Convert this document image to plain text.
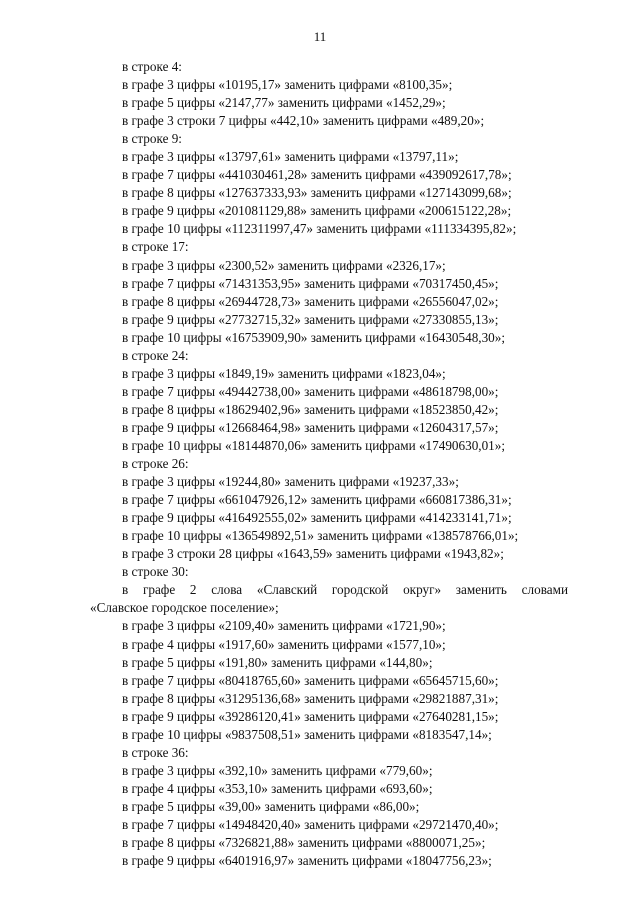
11
в строке 4:
в графе 3 цифры «10195,17» заменить цифрами «8100,35»;
в графе 5 цифры «2147,77» заменить цифрами «1452,29»;
в графе 3 строки 7 цифры «442,10» заменить цифрами «489,20»;
в строке 9:
в графе 3 цифры «13797,61» заменить цифрами «13797,11»;
в графе 7 цифры «441030461,28» заменить цифрами «439092617,78»;
в графе 8 цифры «127637333,93» заменить цифрами «127143099,68»;
в графе 9 цифры «201081129,88» заменить цифрами «200615122,28»;
в графе 10 цифры «112311997,47» заменить цифрами «111334395,82»;
в строке 17:
в графе 3 цифры «2300,52» заменить цифрами «2326,17»;
в графе 7 цифры «71431353,95» заменить цифрами «70317450,45»;
в графе 8 цифры «26944728,73» заменить цифрами «26556047,02»;
в графе 9 цифры «27732715,32» заменить цифрами «27330855,13»;
в графе 10 цифры «16753909,90» заменить цифрами «16430548,30»;
в строке 24:
в графе 3 цифры «1849,19» заменить цифрами «1823,04»;
в графе 7 цифры «49442738,00» заменить цифрами «48618798,00»;
в графе 8 цифры «18629402,96» заменить цифрами «18523850,42»;
в графе 9 цифры «12668464,98» заменить цифрами «12604317,57»;
в графе 10 цифры «18144870,06» заменить цифрами «17490630,01»;
в строке 26:
в графе 3 цифры «19244,80» заменить цифрами «19237,33»;
в графе 7 цифры «661047926,12» заменить цифрами «660817386,31»;
в графе 9 цифры «416492555,02» заменить цифрами «414233141,71»;
в графе 10 цифры «136549892,51» заменить цифрами «138578766,01»;
в графе 3 строки 28 цифры «1643,59» заменить цифрами «1943,82»;
в строке 30:
в графе 2 слова «Славский городской округ» заменить словами
«Славское городское поселение»;
в графе 3 цифры «2109,40» заменить цифрами «1721,90»;
в графе 4 цифры «1917,60» заменить цифрами «1577,10»;
в графе 5 цифры «191,80» заменить цифрами «144,80»;
в графе 7 цифры «80418765,60» заменить цифрами «65645715,60»;
в графе 8 цифры «31295136,68» заменить цифрами «29821887,31»;
в графе 9 цифры «39286120,41» заменить цифрами «27640281,15»;
в графе 10 цифры «9837508,51» заменить цифрами «8183547,14»;
в строке 36:
в графе 3 цифры «392,10» заменить цифрами «779,60»;
в графе 4 цифры «353,10» заменить цифрами «693,60»;
в графе 5 цифры «39,00» заменить цифрами «86,00»;
в графе 7 цифры «14948420,40» заменить цифрами «29721470,40»;
в графе 8 цифры «7326821,88» заменить цифрами «8800071,25»;
в графе 9 цифры «6401916,97» заменить цифрами «18047756,23»;
